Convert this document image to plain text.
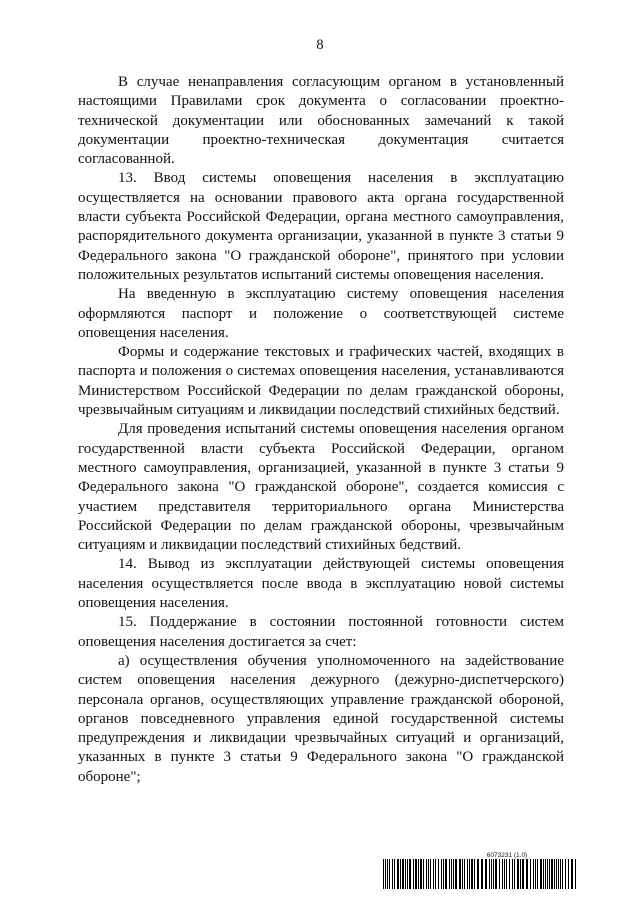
8

В случае ненаправления согласующим органом в установленный настоящими Правилами срок документа о согласовании проектно-технической документации или обоснованных замечаний к такой документации проектно-техническая документация считается согласованной.

13. Ввод системы оповещения населения в эксплуатацию осуществляется на основании правового акта органа государственной власти субъекта Российской Федерации, органа местного самоуправления, распорядительного документа организации, указанной в пункте 3 статьи 9 Федерального закона "О гражданской обороне", принятого при условии положительных результатов испытаний системы оповещения населения.

На введенную в эксплуатацию систему оповещения населения оформляются паспорт и положение о соответствующей системе оповещения населения.

Формы и содержание текстовых и графических частей, входящих в паспорта и положения о системах оповещения населения, устанавливаются Министерством Российской Федерации по делам гражданской обороны, чрезвычайным ситуациям и ликвидации последствий стихийных бедствий.

Для проведения испытаний системы оповещения населения органом государственной власти субъекта Российской Федерации, органом местного самоуправления, организацией, указанной в пункте 3 статьи 9 Федерального закона "О гражданской обороне", создается комиссия с участием представителя территориального органа Министерства Российской Федерации по делам гражданской обороны, чрезвычайным ситуациям и ликвидации последствий стихийных бедствий.

14. Вывод из эксплуатации действующей системы оповещения населения осуществляется после ввода в эксплуатацию новой системы оповещения населения.

15. Поддержание в состоянии постоянной готовности систем оповещения населения достигается за счет:

а) осуществления обучения уполномоченного на задействование систем оповещения населения дежурного (дежурно-диспетчерского) персонала органов, осуществляющих управление гражданской обороной, органов повседневного управления единой государственной системы предупреждения и ликвидации чрезвычайных ситуаций и организаций, указанных в пункте 3 статьи 9 Федерального закона "О гражданской обороне";

6073231 (1.0)
